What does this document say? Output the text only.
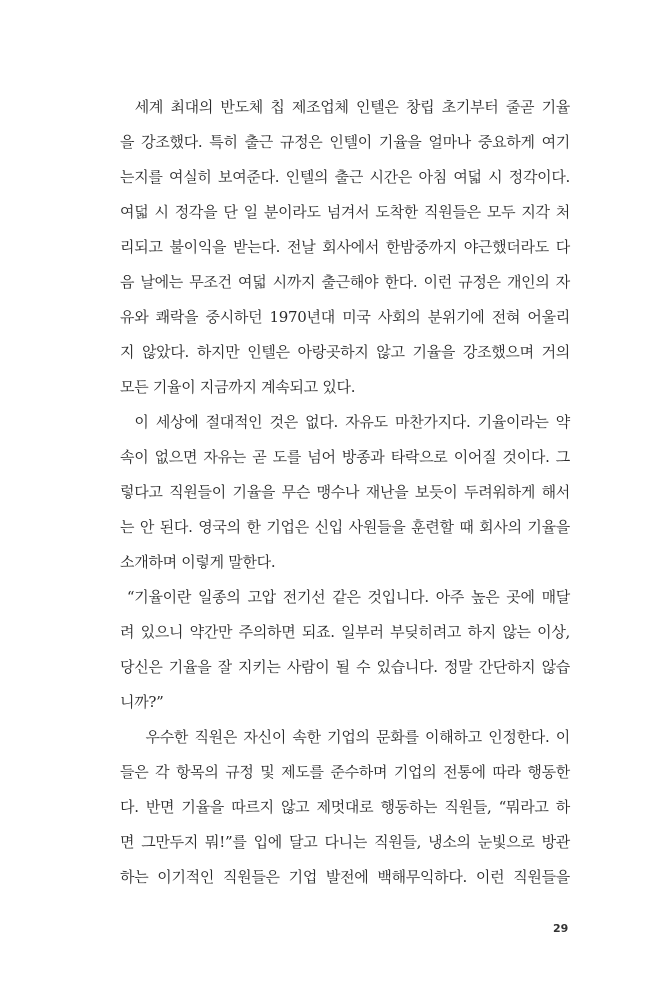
세계 최대의 반도체 칩 제조업체 인텔은 창립 초기부터 줄곧 기율
을 강조했다. 특히 출근 규정은 인텔이 기율을 얼마나 중요하게 여기
는지를 여실히 보여준다. 인텔의 출근 시간은 아침 여덟 시 정각이다.
여덟 시 정각을 단 일 분이라도 넘겨서 도착한 직원들은 모두 지각 처
리되고 불이익을 받는다. 전날 회사에서 한밤중까지 야근했더라도 다
음 날에는 무조건 여덟 시까지 출근해야 한다. 이런 규정은 개인의 자
유와 쾌락을 중시하던 1970년대 미국 사회의 분위기에 전혀 어울리
지 않았다. 하지만 인텔은 아랑곳하지 않고 기율을 강조했으며 거의
모든 기율이 지금까지 계속되고 있다.
이 세상에 절대적인 것은 없다. 자유도 마찬가지다. 기율이라는 약
속이 없으면 자유는 곧 도를 넘어 방종과 타락으로 이어질 것이다. 그
렇다고 직원들이 기율을 무슨 맹수나 재난을 보듯이 두려워하게 해서
는 안 된다. 영국의 한 기업은 신입 사원들을 훈련할 때 회사의 기율을
소개하며 이렇게 말한다.
“기율이란 일종의 고압 전기선 같은 것입니다. 아주 높은 곳에 매달
려 있으니 약간만 주의하면 되죠. 일부러 부딪히려고 하지 않는 이상,
당신은 기율을 잘 지키는 사람이 될 수 있습니다. 정말 간단하지 않습
니까?”
우수한 직원은 자신이 속한 기업의 문화를 이해하고 인정한다. 이
들은 각 항목의 규정 및 제도를 준수하며 기업의 전통에 따라 행동한
다. 반면 기율을 따르지 않고 제멋대로 행동하는 직원들, “뭐라고 하
면 그만두지 뭐!”를 입에 달고 다니는 직원들, 냉소의 눈빛으로 방관
하는 이기적인 직원들은 기업 발전에 백해무익하다. 이런 직원들을
29
